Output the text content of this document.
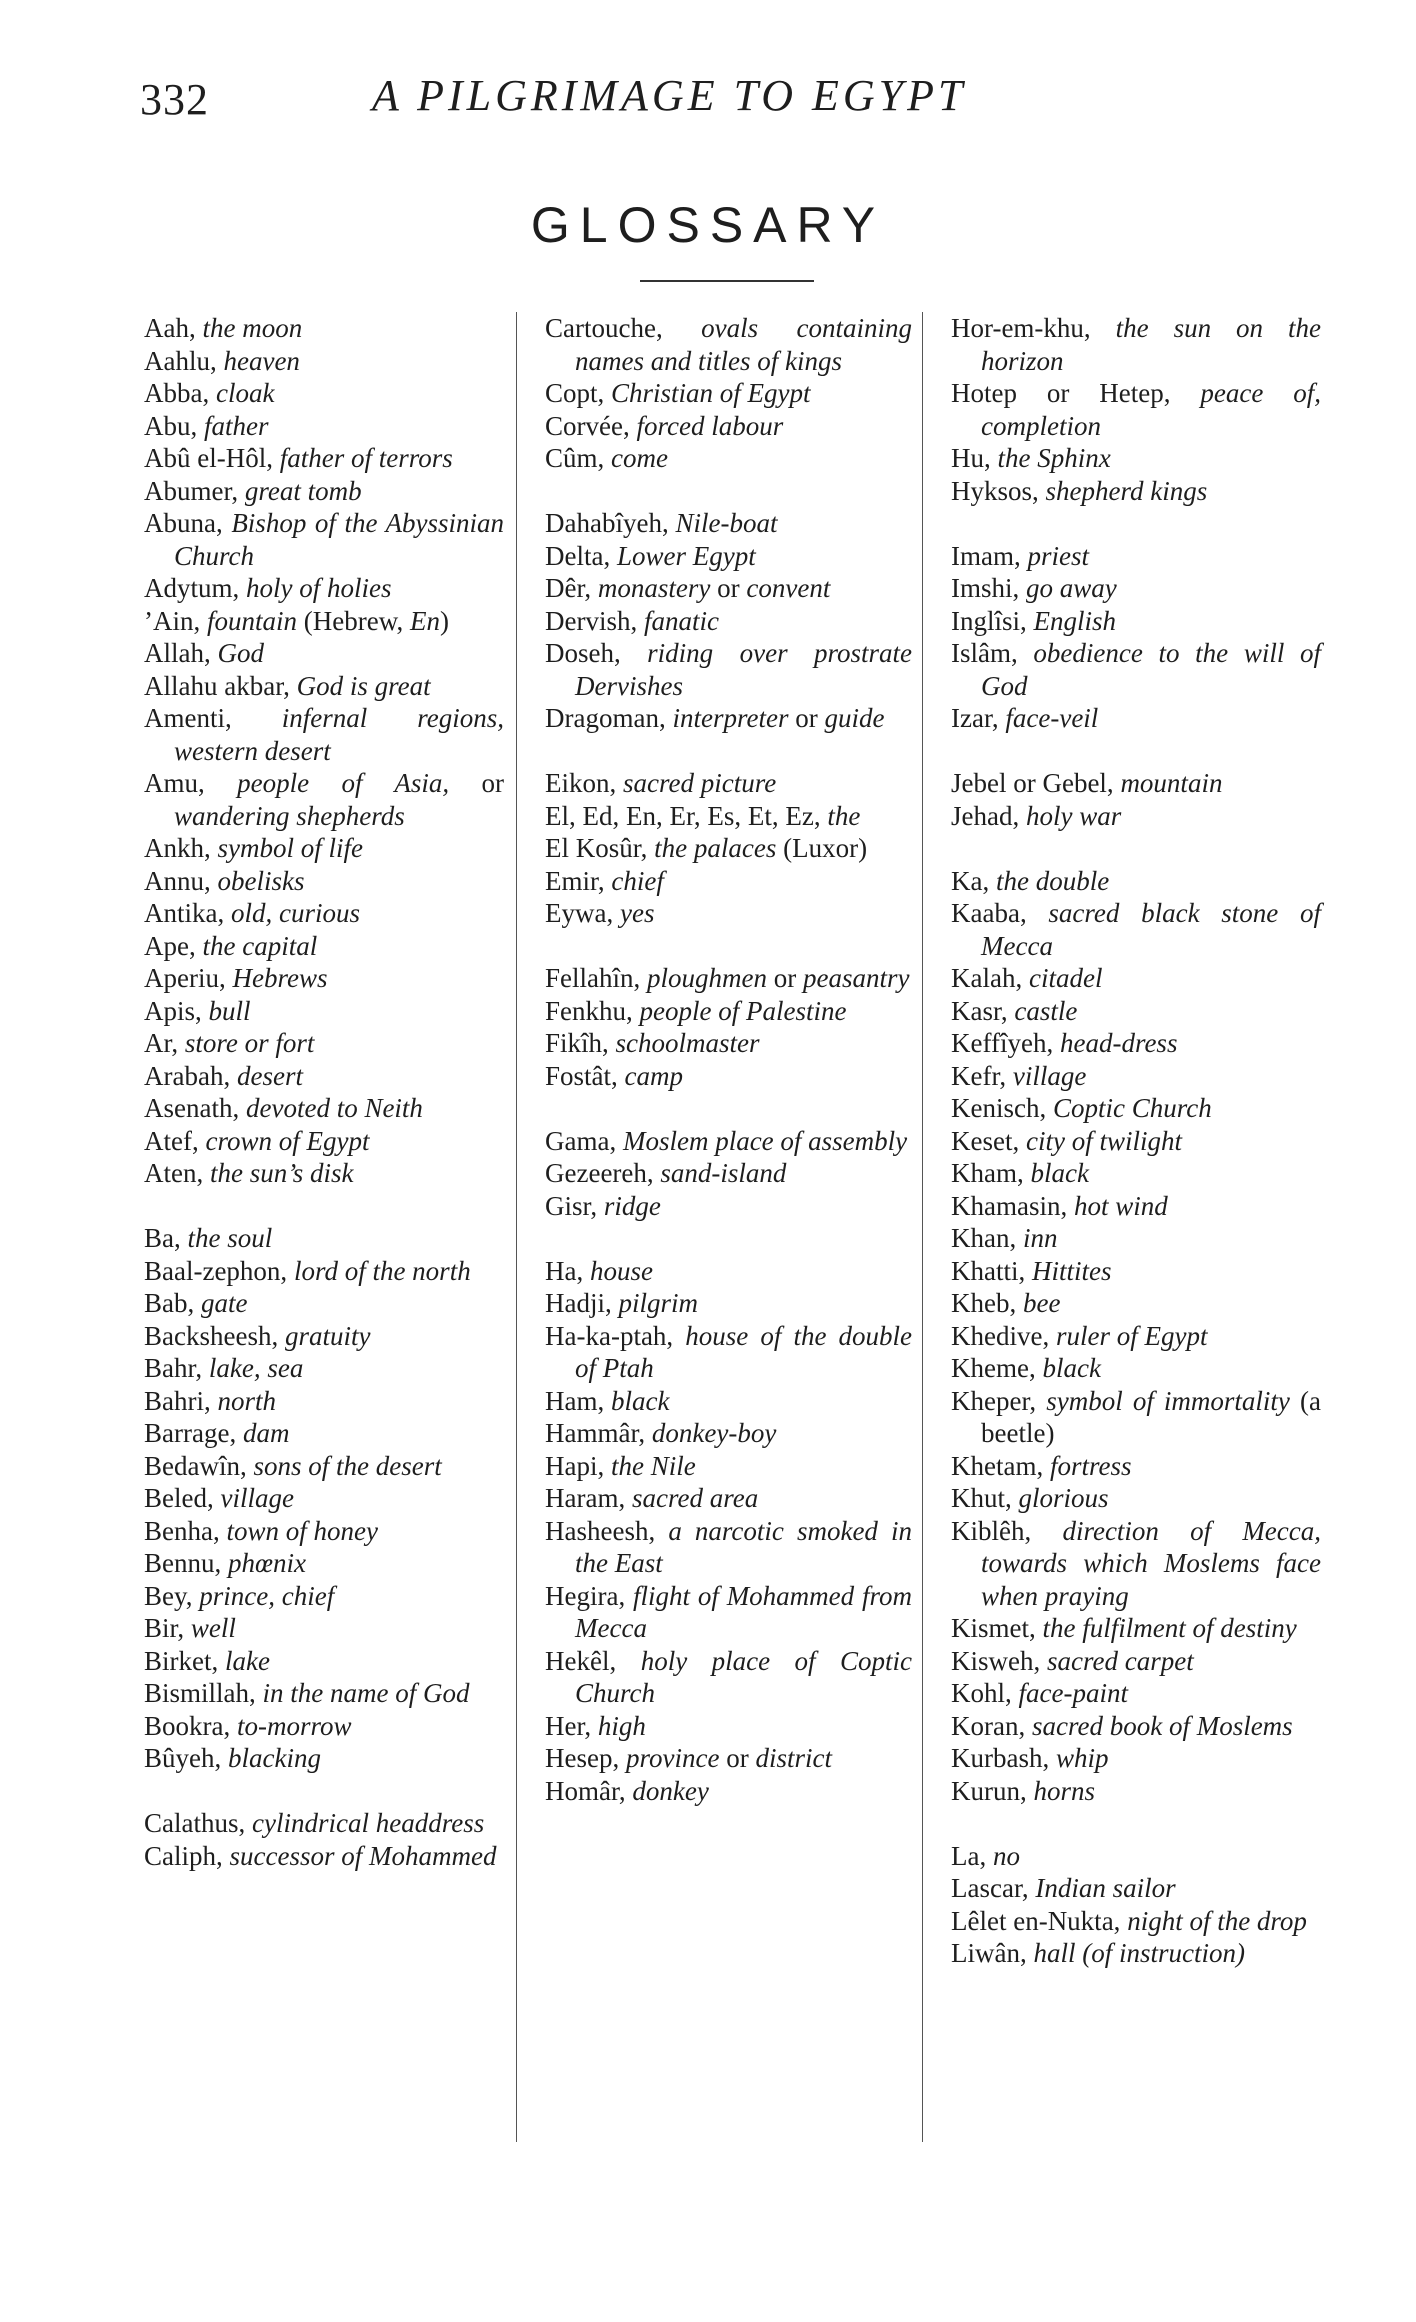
332	A PILGRIMAGE TO EGYPT
GLOSSARY
Aah, the moon
Aahlu, heaven
Abba, cloak
Abu, father
Abû el-Hôl, father of terrors
Abumer, great tomb
Abuna, Bishop of the Abyssinian Church
Adytum, holy of holies
’Ain, fountain (Hebrew, En)
Allah, God
Allahu akbar, God is great
Amenti, infernal regions, western desert
Amu, people of Asia, or wandering shepherds
Ankh, symbol of life
Annu, obelisks
Antika, old, curious
Ape, the capital
Aperiu, Hebrews
Apis, bull
Ar, store or fort
Arabah, desert
Asenath, devoted to Neith
Atef, crown of Egypt
Aten, the sun’s disk
Ba, the soul
Baal-zephon, lord of the north
Bab, gate
Backsheesh, gratuity
Bahr, lake, sea
Bahri, north
Barrage, dam
Bedawîn, sons of the desert
Beled, village
Benha, town of honey
Bennu, phœnix
Bey, prince, chief
Bir, well
Birket, lake
Bismillah, in the name of God
Bookra, to-morrow
Bûyeh, blacking
Calathus, cylindrical headdress
Caliph, successor of Mohammed
Cartouche, ovals containing names and titles of kings
Copt, Christian of Egypt
Corvée, forced labour
Cûm, come
Dahabîyeh, Nile-boat
Delta, Lower Egypt
Dêr, monastery or convent
Dervish, fanatic
Doseh, riding over prostrate Dervishes
Dragoman, interpreter or guide
Eikon, sacred picture
El, Ed, En, Er, Es, Et, Ez, the
El Kosûr, the palaces (Luxor)
Emir, chief
Eywa, yes
Fellahîn, ploughmen or peasantry
Fenkhu, people of Palestine
Fikîh, schoolmaster
Fostât, camp
Gama, Moslem place of assembly
Gezeereh, sand-island
Gisr, ridge
Ha, house
Hadji, pilgrim
Ha-ka-ptah, house of the double of Ptah
Ham, black
Hammâr, donkey-boy
Hapi, the Nile
Haram, sacred area
Hasheesh, a narcotic smoked in the East
Hegira, flight of Mohammed from Mecca
Hekêl, holy place of Coptic Church
Her, high
Hesep, province or district
Homâr, donkey
Hor-em-khu, the sun on the horizon
Hotep or Hetep, peace of, completion
Hu, the Sphinx
Hyksos, shepherd kings
Imam, priest
Imshi, go away
Inglîsi, English
Islâm, obedience to the will of God
Izar, face-veil
Jebel or Gebel, mountain
Jehad, holy war
Ka, the double
Kaaba, sacred black stone of Mecca
Kalah, citadel
Kasr, castle
Keffîyeh, head-dress
Kefr, village
Kenisch, Coptic Church
Keset, city of twilight
Kham, black
Khamasin, hot wind
Khan, inn
Khatti, Hittites
Kheb, bee
Khedive, ruler of Egypt
Kheme, black
Kheper, symbol of immortality (a beetle)
Khetam, fortress
Khut, glorious
Kiblêh, direction of Mecca, towards which Moslems face when praying
Kismet, the fulfilment of destiny
Kisweh, sacred carpet
Kohl, face-paint
Koran, sacred book of Moslems
Kurbash, whip
Kurun, horns
La, no
Lascar, Indian sailor
Lêlet en-Nukta, night of the drop
Liwân, hall (of instruction)
